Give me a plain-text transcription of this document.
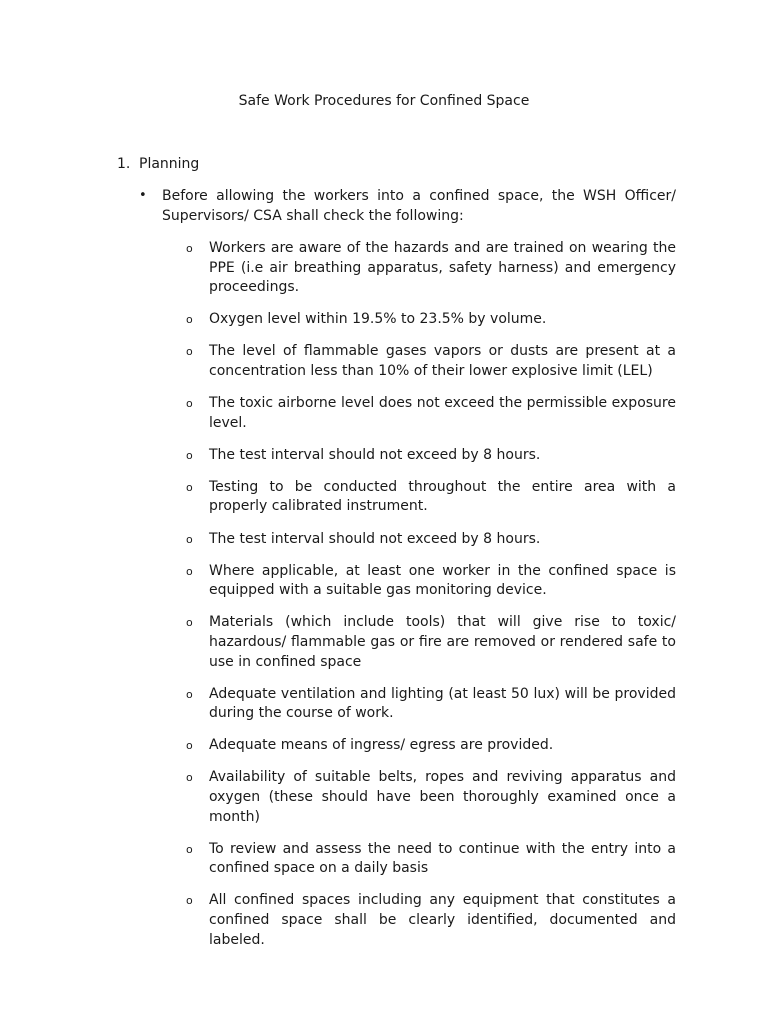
Safe Work Procedures for Confined Space
1. Planning
•	Before allowing the workers into a confined space, the WSH Officer/ Supervisors/ CSA shall check the following:
o	Workers are aware of the hazards and are trained on wearing the PPE (i.e air breathing apparatus, safety harness) and emergency proceedings.
o	Oxygen level within 19.5% to 23.5% by volume.
o	The level of flammable gases vapors or dusts are present at a concentration less than 10% of their lower explosive limit (LEL)
o	The toxic airborne level does not exceed the permissible exposure level.
o	The test interval should not exceed by 8 hours.
o	Testing to be conducted throughout the entire area with a properly calibrated instrument.
o	The test interval should not exceed by 8 hours.
o	Where applicable, at least one worker in the confined space is equipped with a suitable gas monitoring device.
o	Materials (which include tools) that will give rise to toxic/ hazardous/ flammable gas or fire are removed or rendered safe to use in confined space
o	Adequate ventilation and lighting (at least 50 lux) will be provided during the course of work.
o	Adequate means of ingress/ egress are provided.
o	Availability of suitable belts, ropes and reviving apparatus and oxygen (these should have been thoroughly examined once a month)
o	To review and assess the need to continue with the entry into a confined space on a daily basis
o	All confined spaces including any equipment that constitutes a confined space shall be clearly identified, documented and labeled.
